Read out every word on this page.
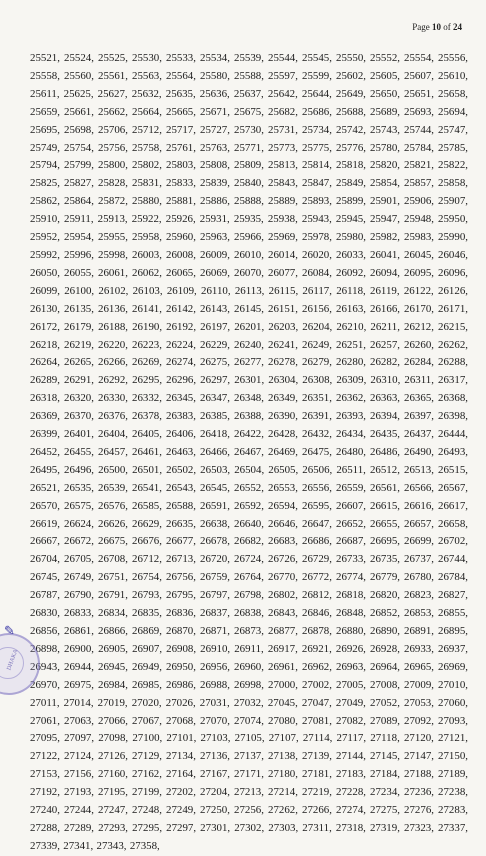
Page 10 of 24
25521, 25524, 25525, 25530, 25533, 25534, 25539, 25544, 25545, 25550, 25552, 25554, 25556, 25558, 25560, 25561, 25563, 25564, 25580, 25588, 25597, 25599, 25602, 25605, 25607, 25610, 25611, 25625, 25627, 25632, 25635, 25636, 25637, 25642, 25644, 25649, 25650, 25651, 25658, 25659, 25661, 25662, 25664, 25665, 25671, 25675, 25682, 25686, 25688, 25689, 25693, 25694, 25695, 25698, 25706, 25712, 25717, 25727, 25730, 25731, 25734, 25742, 25743, 25744, 25747, 25749, 25754, 25756, 25758, 25761, 25763, 25771, 25773, 25775, 25776, 25780, 25784, 25785, 25794, 25799, 25800, 25802, 25803, 25808, 25809, 25813, 25814, 25818, 25820, 25821, 25822, 25825, 25827, 25828, 25831, 25833, 25839, 25840, 25843, 25847, 25849, 25854, 25857, 25858, 25862, 25864, 25872, 25880, 25881, 25886, 25888, 25889, 25893, 25899, 25901, 25906, 25907, 25910, 25911, 25913, 25922, 25926, 25931, 25935, 25938, 25943, 25945, 25947, 25948, 25950, 25952, 25954, 25955, 25958, 25960, 25963, 25966, 25969, 25978, 25980, 25982, 25983, 25990, 25992, 25996, 25998, 26003, 26008, 26009, 26010, 26014, 26020, 26033, 26041, 26045, 26046, 26050, 26055, 26061, 26062, 26065, 26069, 26070, 26077, 26084, 26092, 26094, 26095, 26096, 26099, 26100, 26102, 26103, 26109, 26110, 26113, 26115, 26117, 26118, 26119, 26122, 26126, 26130, 26135, 26136, 26141, 26142, 26143, 26145, 26151, 26156, 26163, 26166, 26170, 26171, 26172, 26179, 26188, 26190, 26192, 26197, 26201, 26203, 26204, 26210, 26211, 26212, 26215, 26218, 26219, 26220, 26223, 26224, 26229, 26240, 26241, 26249, 26251, 26257, 26260, 26262, 26264, 26265, 26266, 26269, 26274, 26275, 26277, 26278, 26279, 26280, 26282, 26284, 26288, 26289, 26291, 26292, 26295, 26296, 26297, 26301, 26304, 26308, 26309, 26310, 26311, 26317, 26318, 26320, 26330, 26332, 26345, 26347, 26348, 26349, 26351, 26362, 26363, 26365, 26368, 26369, 26370, 26376, 26378, 26383, 26385, 26388, 26390, 26391, 26393, 26394, 26397, 26398, 26399, 26401, 26404, 26405, 26406, 26418, 26422, 26428, 26432, 26434, 26435, 26437, 26444, 26452, 26455, 26457, 26461, 26463, 26466, 26467, 26469, 26475, 26480, 26486, 26490, 26493, 26495, 26496, 26500, 26501, 26502, 26503, 26504, 26505, 26506, 26511, 26512, 26513, 26515, 26521, 26535, 26539, 26541, 26543, 26545, 26552, 26553, 26556, 26559, 26561, 26566, 26567, 26570, 26575, 26576, 26585, 26588, 26591, 26592, 26594, 26595, 26607, 26615, 26616, 26617, 26619, 26624, 26626, 26629, 26635, 26638, 26640, 26646, 26647, 26652, 26655, 26657, 26658, 26667, 26672, 26675, 26676, 26677, 26678, 26682, 26683, 26686, 26687, 26695, 26699, 26702, 26704, 26705, 26708, 26712, 26713, 26720, 26724, 26726, 26729, 26733, 26735, 26737, 26744, 26745, 26749, 26751, 26754, 26756, 26759, 26764, 26770, 26772, 26774, 26779, 26780, 26784, 26787, 26790, 26791, 26793, 26795, 26797, 26798, 26802, 26812, 26818, 26820, 26823, 26827, 26830, 26833, 26834, 26835, 26836, 26837, 26838, 26843, 26846, 26848, 26852, 26853, 26855, 26856, 26861, 26866, 26869, 26870, 26871, 26873, 26877, 26878, 26880, 26890, 26891, 26895, 26898, 26900, 26905, 26907, 26908, 26910, 26911, 26917, 26921, 26926, 26928, 26933, 26937, 26943, 26944, 26945, 26949, 26950, 26956, 26960, 26961, 26962, 26963, 26964, 26965, 26969, 26970, 26975, 26984, 26985, 26986, 26988, 26998, 27000, 27002, 27005, 27008, 27009, 27010, 27011, 27014, 27019, 27020, 27026, 27031, 27032, 27045, 27047, 27049, 27052, 27053, 27060, 27061, 27063, 27066, 27067, 27068, 27070, 27074, 27080, 27081, 27082, 27089, 27092, 27093, 27095, 27097, 27098, 27100, 27101, 27103, 27105, 27107, 27114, 27117, 27118, 27120, 27121, 27122, 27124, 27126, 27129, 27134, 27136, 27137, 27138, 27139, 27144, 27145, 27147, 27150, 27153, 27156, 27160, 27162, 27164, 27167, 27171, 27180, 27181, 27183, 27184, 27188, 27189, 27192, 27193, 27195, 27199, 27202, 27204, 27213, 27214, 27219, 27228, 27234, 27236, 27238, 27240, 27244, 27247, 27248, 27249, 27250, 27256, 27262, 27266, 27274, 27275, 27276, 27283, 27288, 27289, 27293, 27295, 27297, 27301, 27302, 27303, 27311, 27318, 27319, 27323, 27337, 27339, 27341, 27343, 27358,
DHAKA
✎
